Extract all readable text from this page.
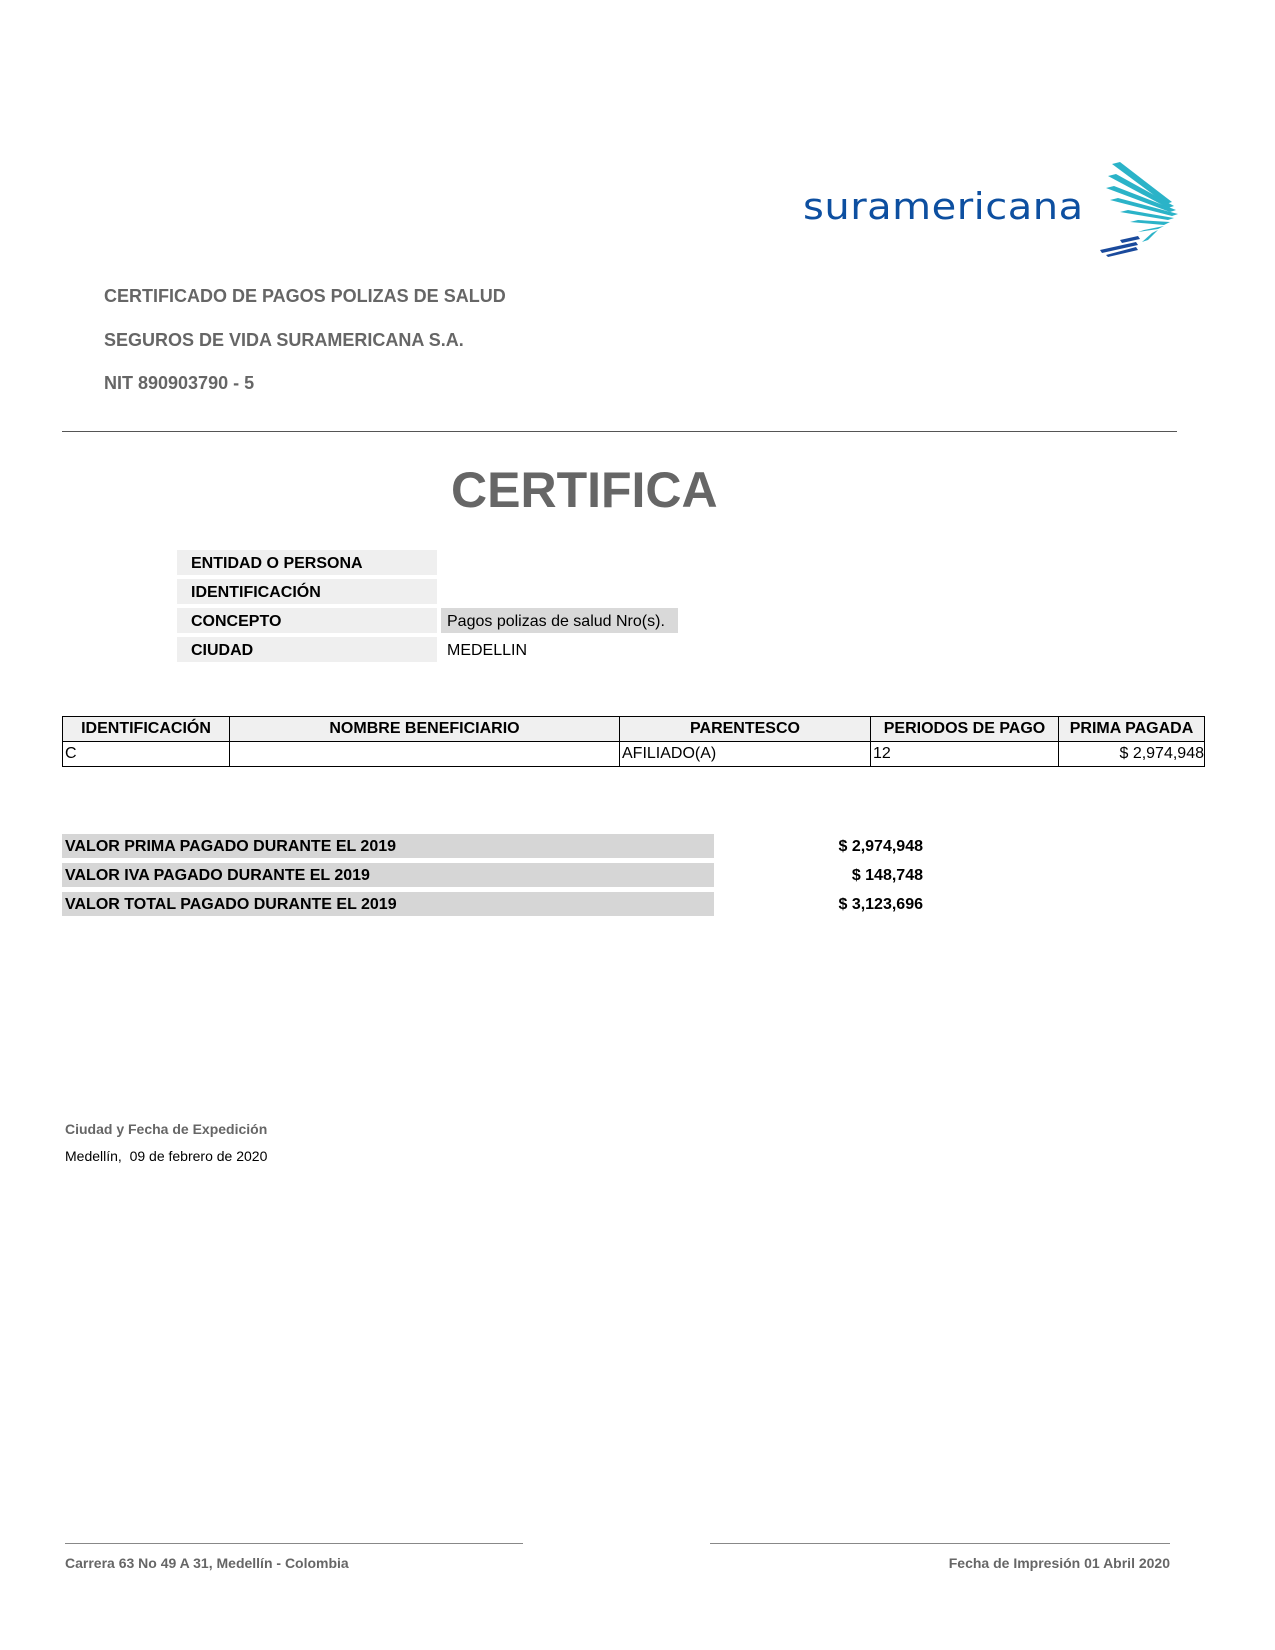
suramericana
CERTIFICADO DE PAGOS POLIZAS DE SALUD
SEGUROS DE VIDA SURAMERICANA S.A.
NIT 890903790 - 5
CERTIFICA
ENTIDAD O PERSONA
IDENTIFICACIÓN
CONCEPTO	Pagos polizas de salud Nro(s).
CIUDAD	MEDELLIN
IDENTIFICACIÓN	NOMBRE BENEFICIARIO	PARENTESCO	PERIODOS DE PAGO	PRIMA PAGADA
C		AFILIADO(A)	12	$ 2,974,948
VALOR PRIMA PAGADO DURANTE EL 2019	$ 2,974,948
VALOR IVA PAGADO DURANTE EL 2019	$ 148,748
VALOR TOTAL PAGADO DURANTE EL 2019	$ 3,123,696
Ciudad y Fecha de Expedición
Medellín,  09 de febrero de 2020
Carrera 63 No 49 A 31, Medellín - Colombia	Fecha de Impresión 01 Abril 2020
